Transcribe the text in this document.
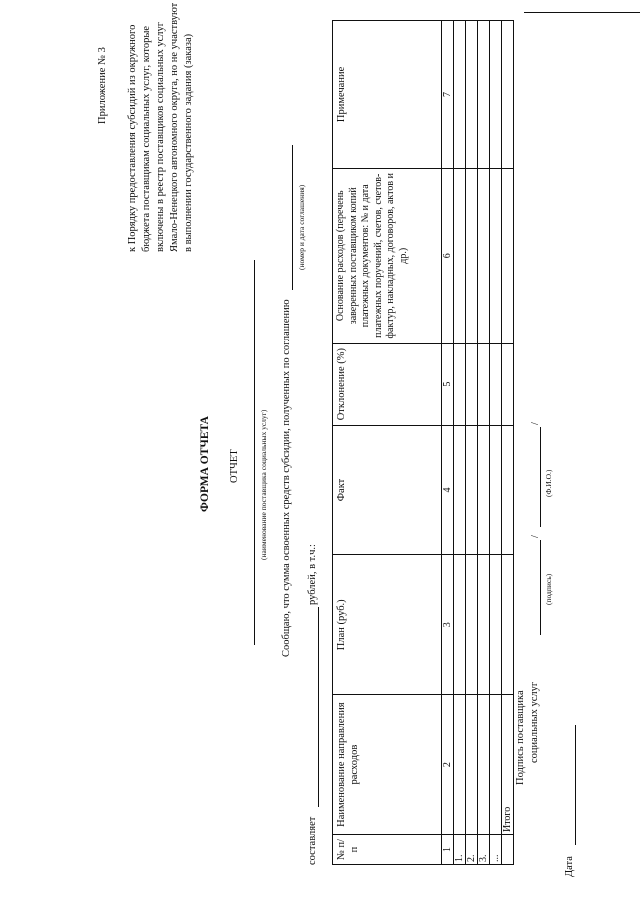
Приложение № 3 к Порядку предоставления субсидий из окружного бюджета поставщикам социальных услуг, которые включены в реестр поставщиков социальных услуг Ямало-Ненецкого автономного округа, но не участвуют в выполнении государственного задания (заказа)
ФОРМА ОТЧЕТА ОТЧЕТ	(наименование поставщика социальных услуг) Сообщаю, что сумма освоенных средств субсидии, полученных по соглашению
(номер и дата соглашения)
составляет
рублей, в т.ч.:
№ п/п	Наименование направления расходов	План (руб.)	Факт	Отклонение (%)	Основание расходов (перечень заверенных поставщиком копий платежных документов: № и дата платежных поручений, счетов, счетов-фактур, накладных, договоров, актов и др.)	Примечание
1	2	3	4	5	6	7
1.						
2.						
3.						
...						
	Итого					
Подпись поставщика социальных услуг
(подпись)
/
(Ф.И.О.)
/
Дата
